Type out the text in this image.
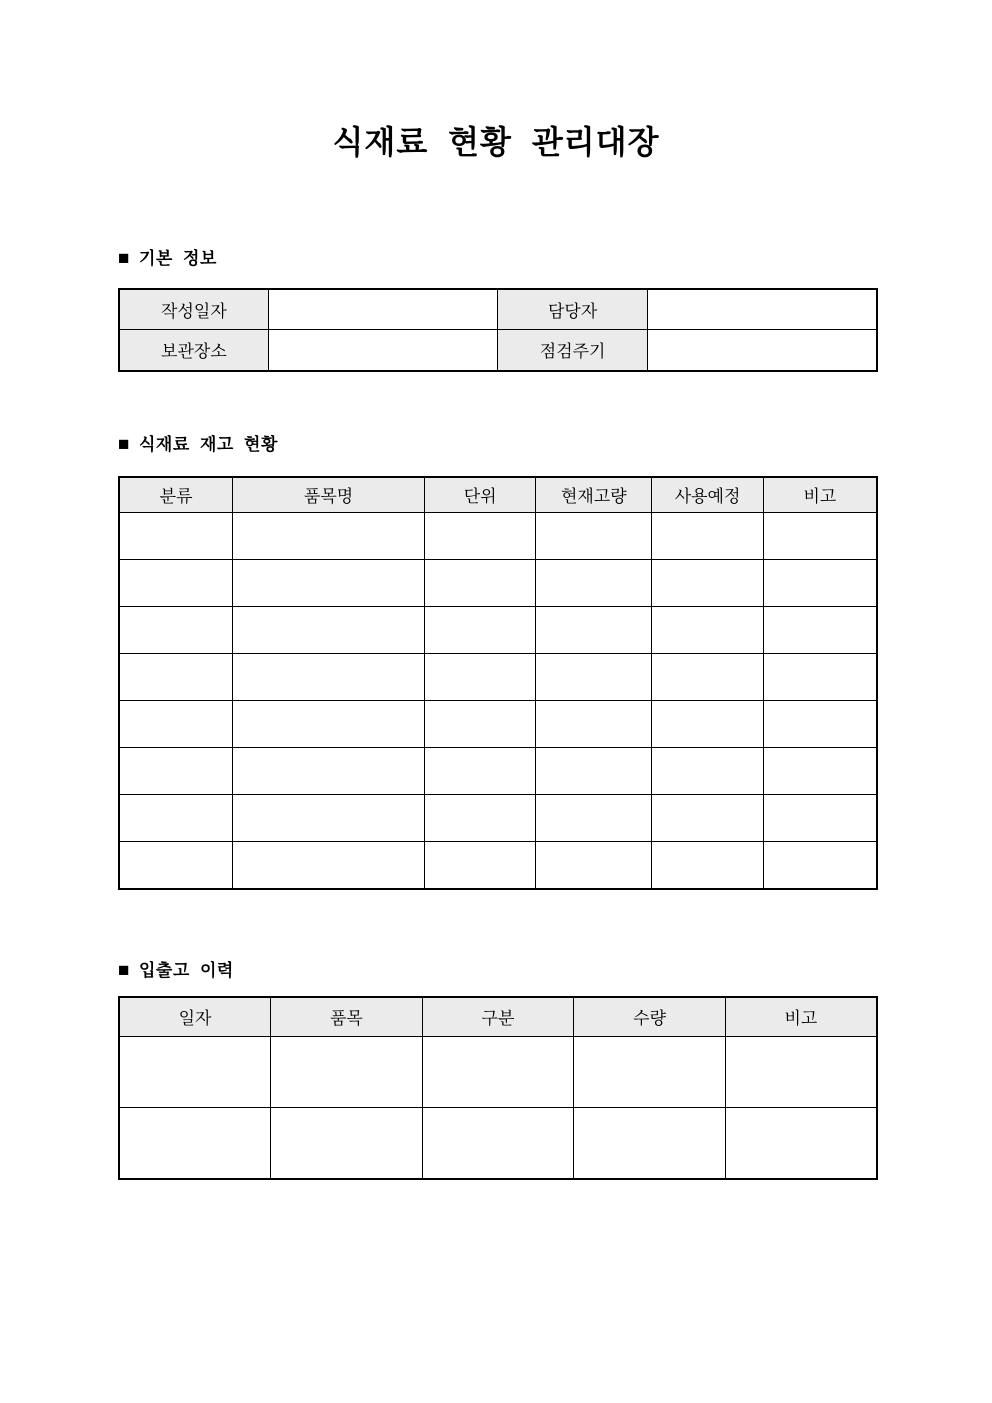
식재료 현황 관리대장
■ 기본 정보
작성일자		담당자	
보관장소		점검주기	
■ 식재료 재고 현황
분류	품목명	단위	현재고량	사용예정	비고

■ 입출고 이력
일자	품목	구분	수량	비고
